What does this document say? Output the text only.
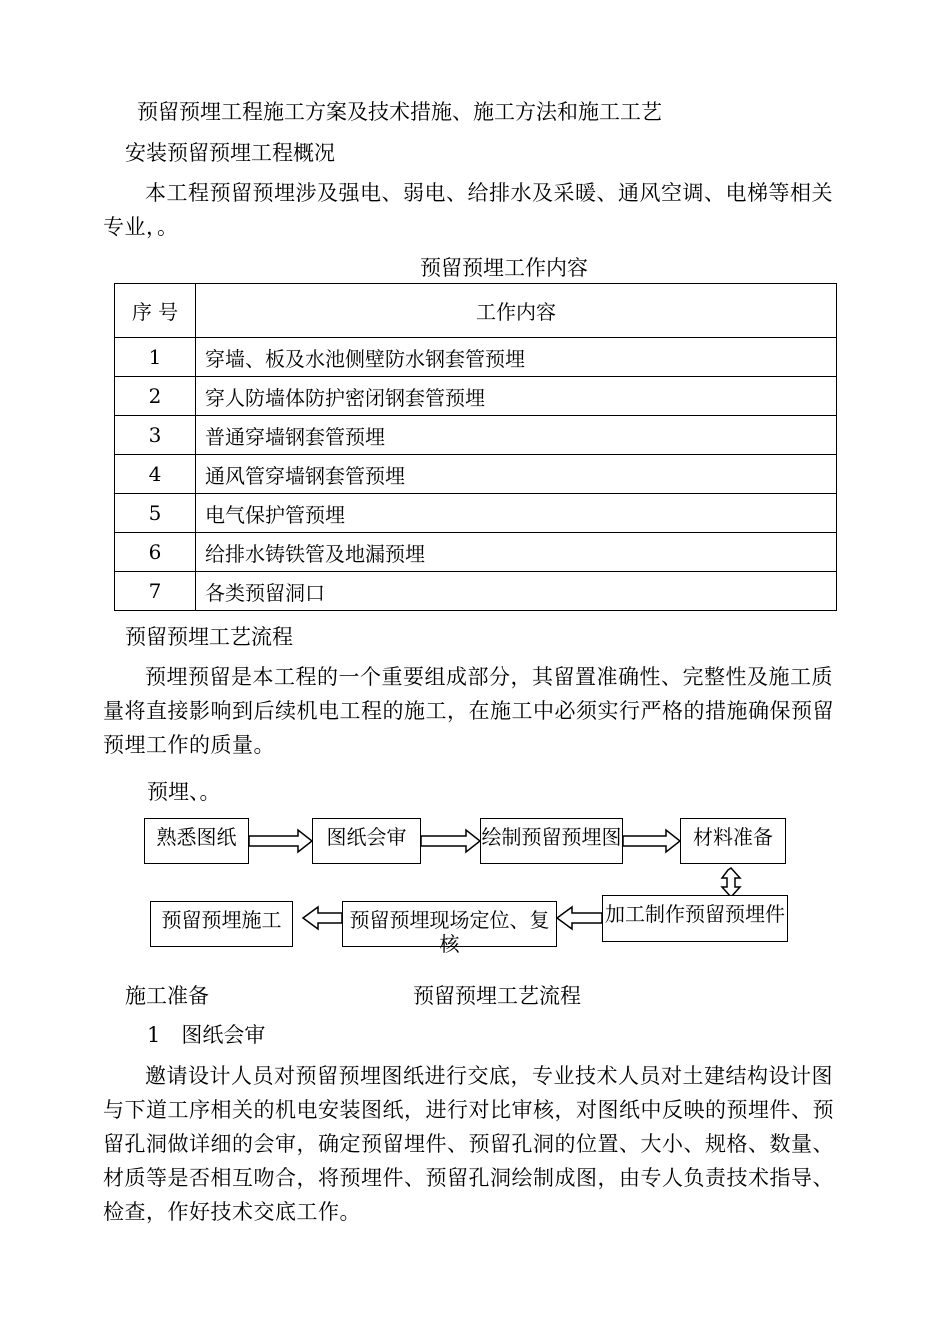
预留预埋工程施工方案及技术措施、施工方法和施工工艺
安装预留预埋工程概况
本工程预留预埋涉及强电、弱电、给排水及采暖、通风空调、电梯等相关专业，。
预留预埋工作内容
序 号	工作内容
1	穿墙、板及水池侧壁防水钢套管预埋
2	穿人防墙体防护密闭钢套管预埋
3	普通穿墙钢套管预埋
4	通风管穿墙钢套管预埋
5	电气保护管预埋
6	给排水铸铁管及地漏预埋
7	各类预留洞口
预留预埋工艺流程
预埋预留是本工程的一个重要组成部分，其留置准确性、完整性及施工质量将直接影响到后续机电工程的施工，在施工中必须实行严格的措施确保预留预埋工作的质量。
预埋、。
熟悉图纸	图纸会审	绘制预留预埋图	材料准备
加工制作预留预埋件
预留预埋现场定位、复核
预留预埋施工
施工准备	预留预埋工艺流程
1　图纸会审
邀请设计人员对预留预埋图纸进行交底，专业技术人员对土建结构设计图与下道工序相关的机电安装图纸，进行对比审核，对图纸中反映的预埋件、预留孔洞做详细的会审，确定预留埋件、预留孔洞的位置、大小、规格、数量、材质等是否相互吻合，将预埋件、预留孔洞绘制成图，由专人负责技术指导、检查，作好技术交底工作。
